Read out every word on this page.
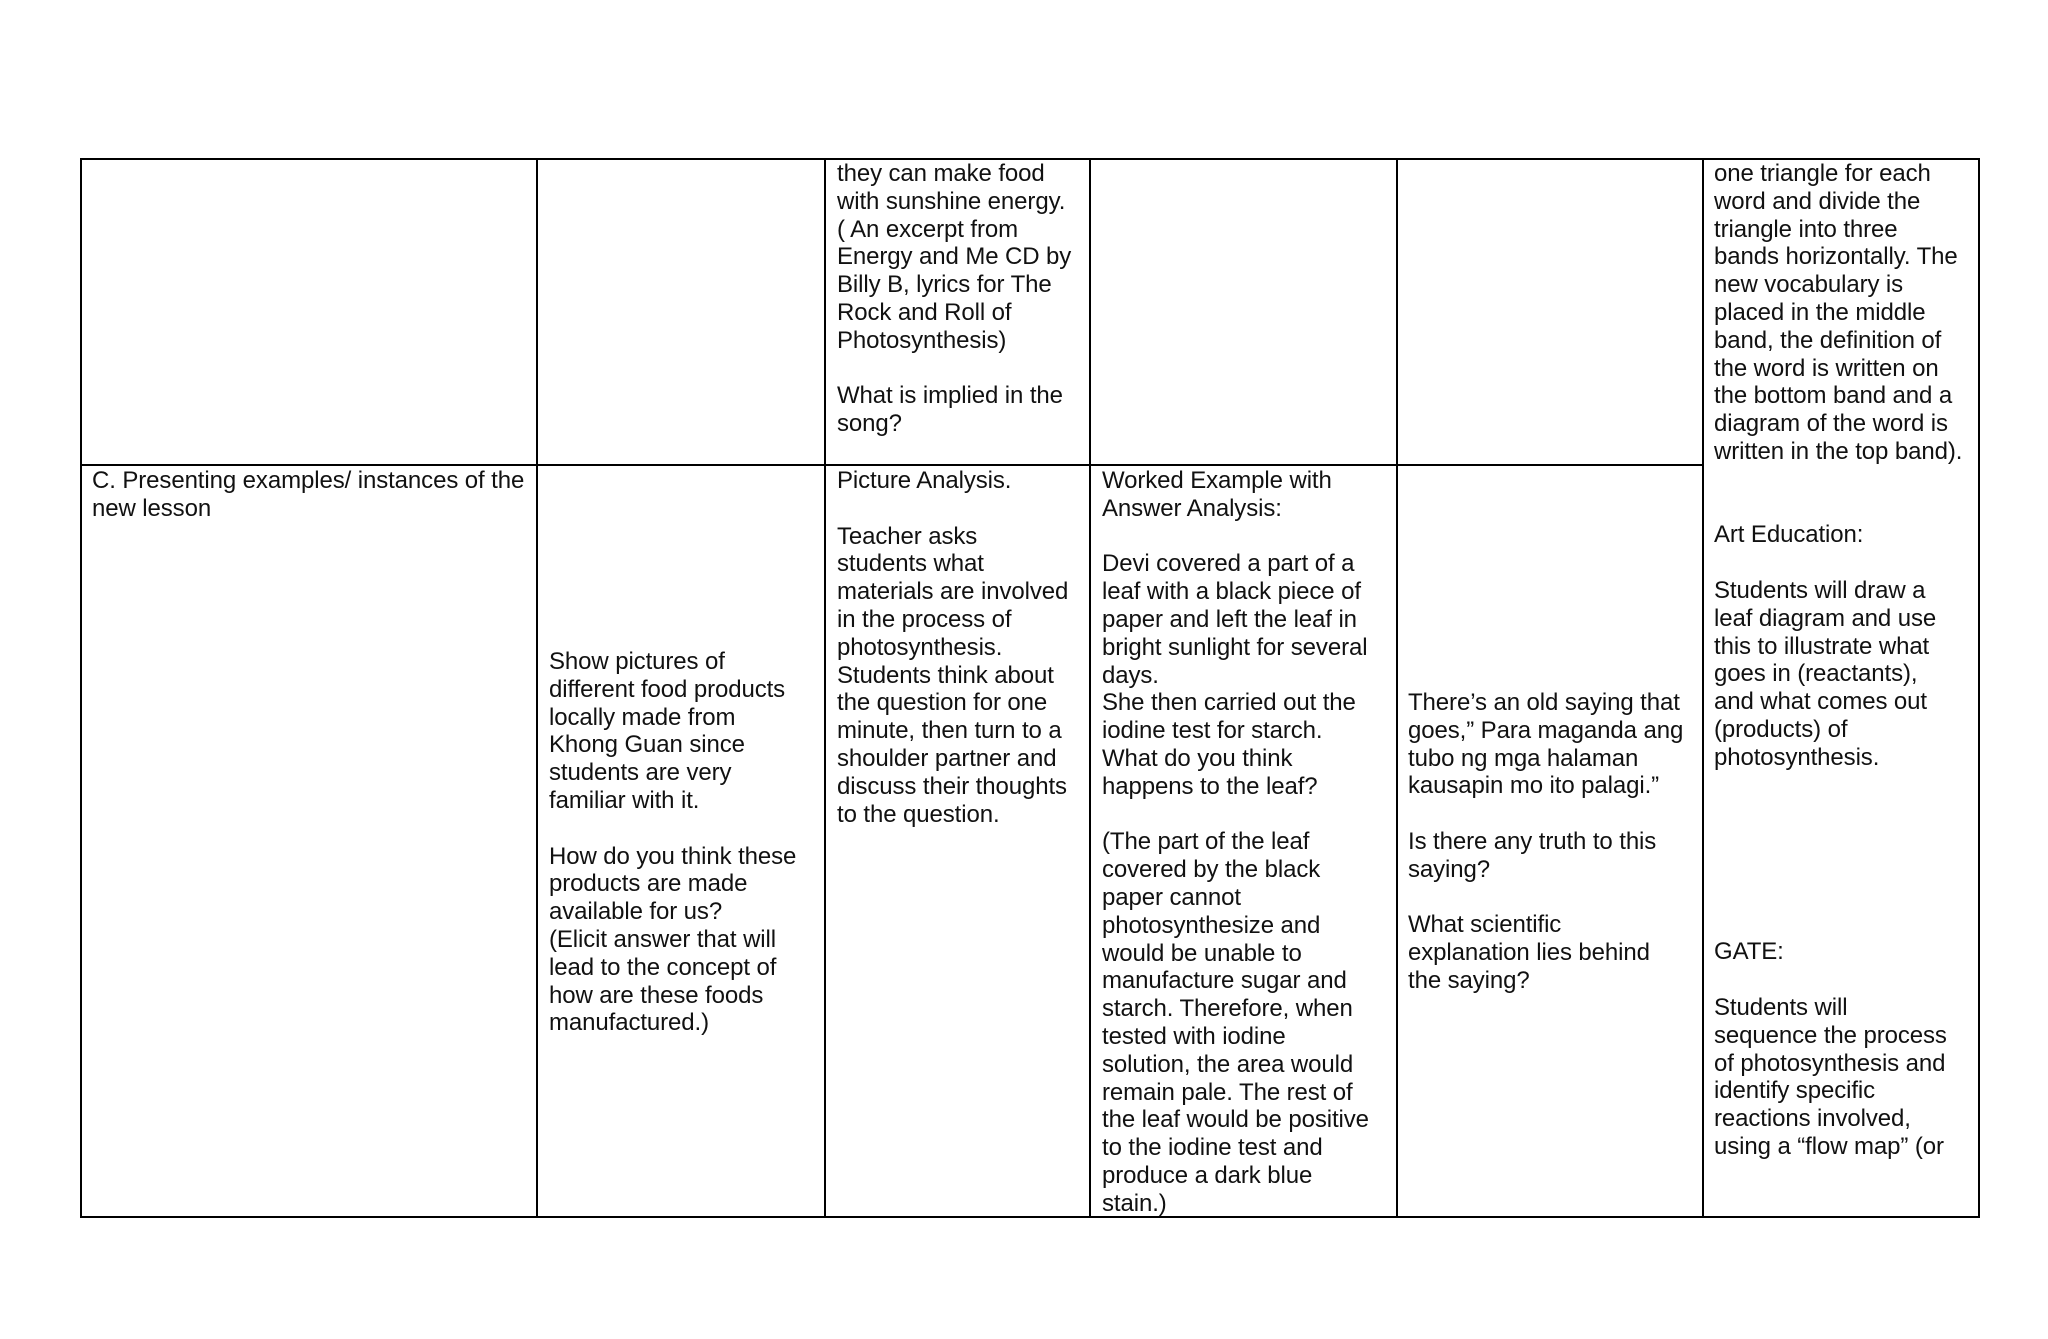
they can make food
with sunshine energy.
( An excerpt from
Energy and Me CD by
Billy B, lyrics for The
Rock and Roll of
Photosynthesis)

What is implied in the
song?
one triangle for each
word and divide the
triangle into three
bands horizontally. The
new vocabulary is
placed in the middle
band, the definition of
the word is written on
the bottom band and a
diagram of the word is
written in the top band).

Art Education:

Students will draw a
leaf diagram and use
this to illustrate what
goes in (reactants),
and what comes out
(products) of
photosynthesis.

GATE:

Students will
sequence the process
of photosynthesis and
identify specific
reactions involved,
using a “flow map” (or
C. Presenting examples/ instances of the new lesson
Show pictures of
different food products
locally made from
Khong Guan since
students are very
familiar with it.

How do you think these
products are made
available for us?
(Elicit answer that will
lead to the concept of
how are these foods
manufactured.)
Picture Analysis.

Teacher asks
students what
materials are involved
in the process of
photosynthesis.
Students think about
the question for one
minute, then turn to a
shoulder partner and
discuss their thoughts
to the question.
Worked Example with
Answer Analysis:

Devi covered a part of a
leaf with a black piece of
paper and left the leaf in
bright sunlight for several
days.
She then carried out the
iodine test for starch.
What do you think
happens to the leaf?

(The part of the leaf
covered by the black
paper cannot
photosynthesize and
would be unable to
manufacture sugar and
starch. Therefore, when
tested with iodine
solution, the area would
remain pale. The rest of
the leaf would be positive
to the iodine test and
produce a dark blue
stain.)
There’s an old saying that
goes,” Para maganda ang
tubo ng mga halaman
kausapin mo ito palagi.”

Is there any truth to this
saying?

What scientific
explanation lies behind
the saying?
